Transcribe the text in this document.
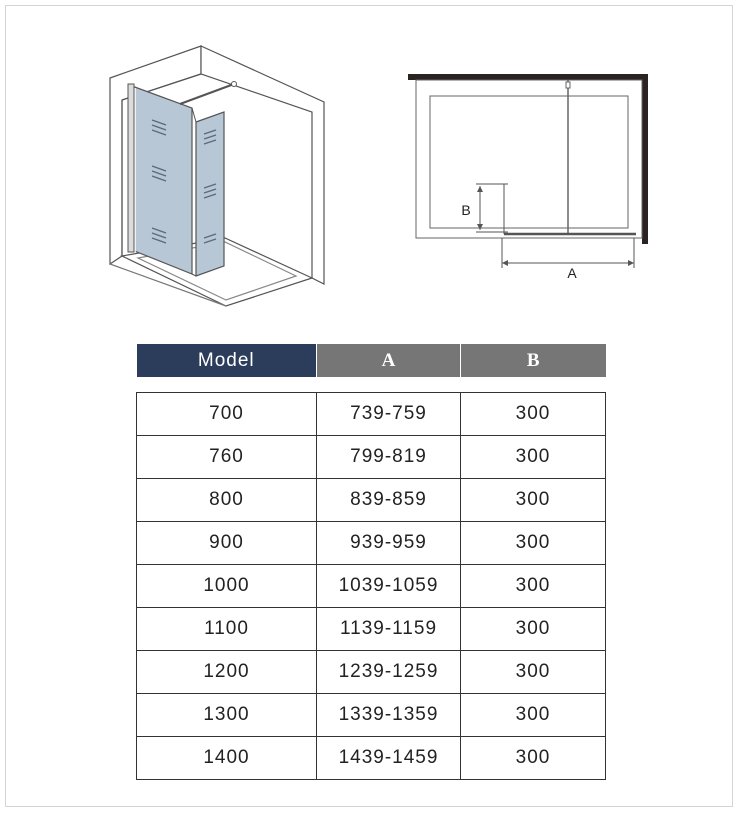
A
B
Model	A	B

700	739-759	300
760	799-819	300
800	839-859	300
900	939-959	300
1000	1039-1059	300
1100	1139-1159	300
1200	1239-1259	300
1300	1339-1359	300
1400	1439-1459	300
